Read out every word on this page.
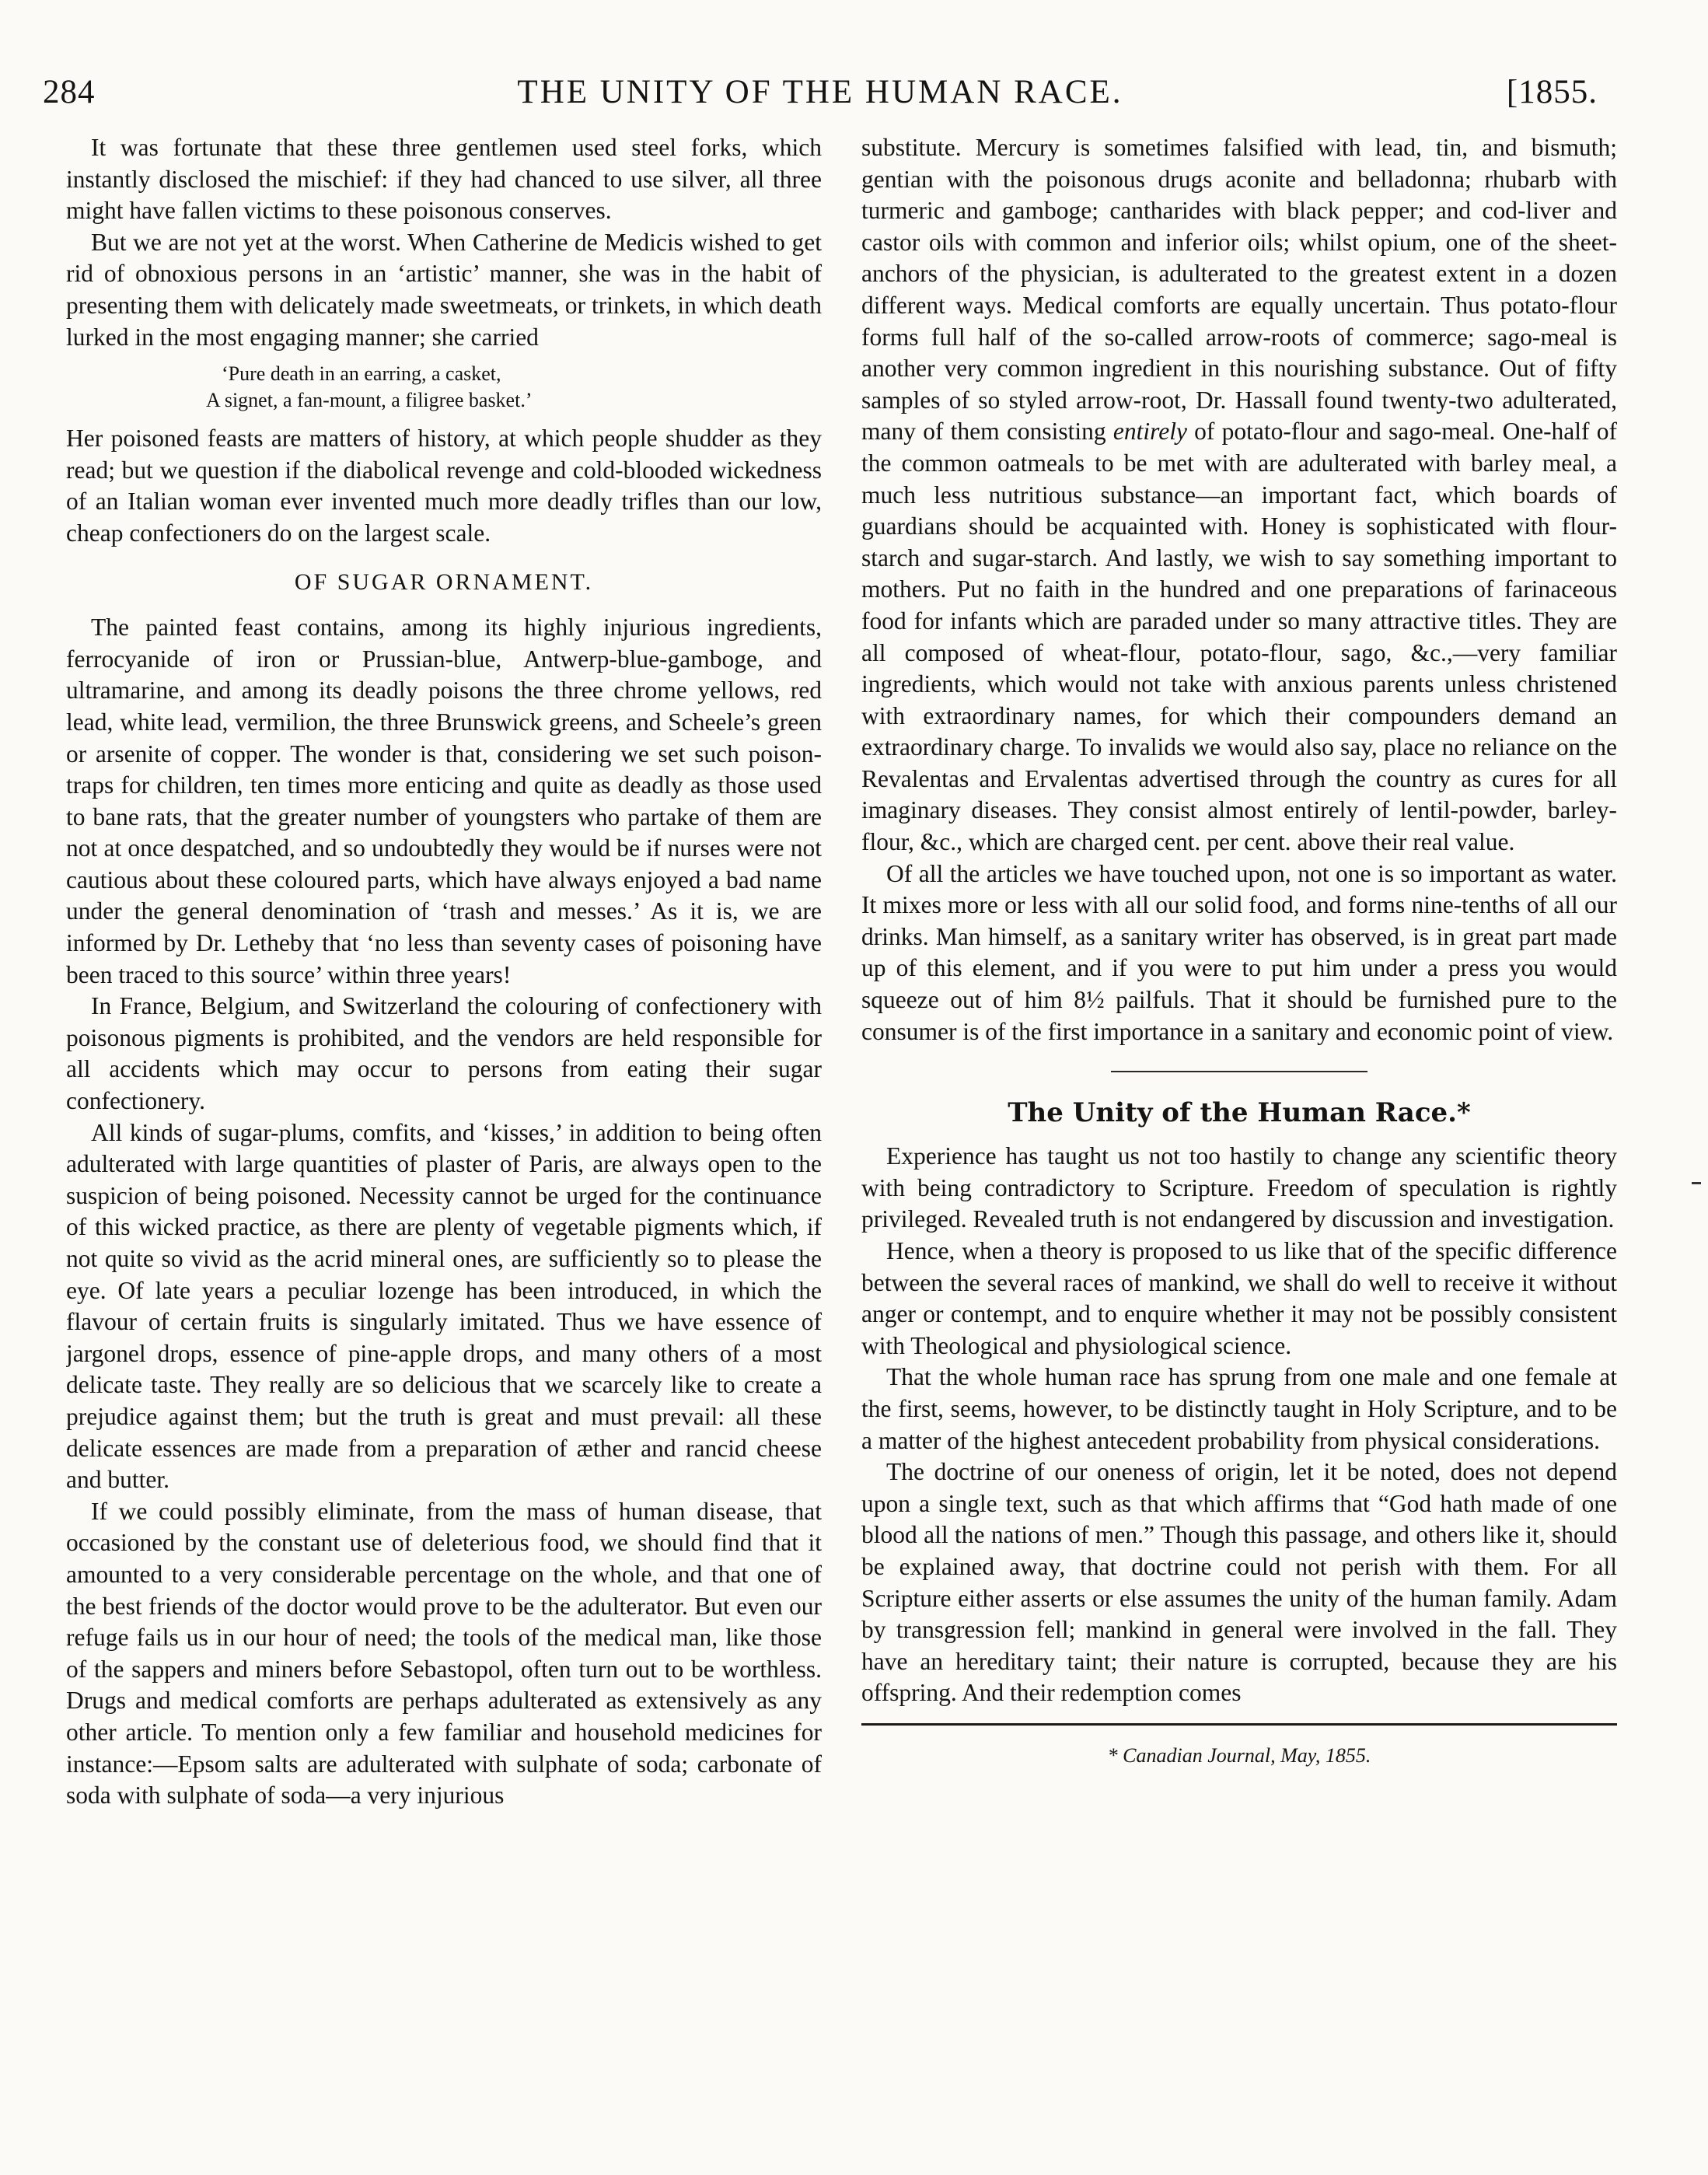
284	THE UNITY OF THE HUMAN RACE.	[1855.

It was fortunate that these three gentlemen used steel forks, which instantly disclosed the mischief: if they had chanced to use silver, all three might have fallen victims to these poisonous conserves.

But we are not yet at the worst. When Catherine de Medicis wished to get rid of obnoxious persons in an ‘artistic’ manner, she was in the habit of presenting them with delicately made sweetmeats, or trinkets, in which death lurked in the most engaging manner; she carried

‘Pure death in an earring, a casket,
A signet, a fan-mount, a filigree basket.’

Her poisoned feasts are matters of history, at which people shudder as they read; but we question if the diabolical revenge and cold-blooded wickedness of an Italian woman ever invented much more deadly trifles than our low, cheap confectioners do on the largest scale.

OF SUGAR ORNAMENT.

The painted feast contains, among its highly injurious ingredients, ferrocyanide of iron or Prussian-blue, Antwerp-blue-gamboge, and ultramarine, and among its deadly poisons the three chrome yellows, red lead, white lead, vermilion, the three Brunswick greens, and Scheele’s green or arsenite of copper. The wonder is that, considering we set such poison-traps for children, ten times more enticing and quite as deadly as those used to bane rats, that the greater number of youngsters who partake of them are not at once despatched, and so undoubtedly they would be if nurses were not cautious about these coloured parts, which have always enjoyed a bad name under the general denomination of ‘trash and messes.’ As it is, we are informed by Dr. Letheby that ‘no less than seventy cases of poisoning have been traced to this source’ within three years!

In France, Belgium, and Switzerland the colouring of confectionery with poisonous pigments is prohibited, and the vendors are held responsible for all accidents which may occur to persons from eating their sugar confectionery.

All kinds of sugar-plums, comfits, and ‘kisses,’ in addition to being often adulterated with large quantities of plaster of Paris, are always open to the suspicion of being poisoned. Necessity cannot be urged for the continuance of this wicked practice, as there are plenty of vegetable pigments which, if not quite so vivid as the acrid mineral ones, are sufficiently so to please the eye. Of late years a peculiar lozenge has been introduced, in which the flavour of certain fruits is singularly imitated. Thus we have essence of jargonel drops, essence of pine-apple drops, and many others of a most delicate taste. They really are so delicious that we scarcely like to create a prejudice against them; but the truth is great and must prevail: all these delicate essences are made from a preparation of æther and rancid cheese and butter.

If we could possibly eliminate, from the mass of human disease, that occasioned by the constant use of deleterious food, we should find that it amounted to a very considerable percentage on the whole, and that one of the best friends of the doctor would prove to be the adulterator. But even our refuge fails us in our hour of need; the tools of the medical man, like those of the sappers and miners before Sebastopol, often turn out to be worthless. Drugs and medical comforts are perhaps adulterated as extensively as any other article. To mention only a few familiar and household medicines for instance:—Epsom salts are adulterated with sulphate of soda; carbonate of soda with sulphate of soda—a very injurious

substitute. Mercury is sometimes falsified with lead, tin, and bismuth; gentian with the poisonous drugs aconite and belladonna; rhubarb with turmeric and gamboge; cantharides with black pepper; and cod-liver and castor oils with common and inferior oils; whilst opium, one of the sheet-anchors of the physician, is adulterated to the greatest extent in a dozen different ways. Medical comforts are equally uncertain. Thus potato-flour forms full half of the so-called arrow-roots of commerce; sago-meal is another very common ingredient in this nourishing substance. Out of fifty samples of so styled arrow-root, Dr. Hassall found twenty-two adulterated, many of them consisting entirely of potato-flour and sago-meal. One-half of the common oatmeals to be met with are adulterated with barley meal, a much less nutritious substance—an important fact, which boards of guardians should be acquainted with. Honey is sophisticated with flour-starch and sugar-starch. And lastly, we wish to say something important to mothers. Put no faith in the hundred and one preparations of farinaceous food for infants which are paraded under so many attractive titles. They are all composed of wheat-flour, potato-flour, sago, &c.,—very familiar ingredients, which would not take with anxious parents unless christened with extraordinary names, for which their compounders demand an extraordinary charge. To invalids we would also say, place no reliance on the Revalentas and Ervalentas advertised through the country as cures for all imaginary diseases. They consist almost entirely of lentil-powder, barley-flour, &c., which are charged cent. per cent. above their real value.

Of all the articles we have touched upon, not one is so important as water. It mixes more or less with all our solid food, and forms nine-tenths of all our drinks. Man himself, as a sanitary writer has observed, is in great part made up of this element, and if you were to put him under a press you would squeeze out of him 8½ pailfuls. That it should be furnished pure to the consumer is of the first importance in a sanitary and economic point of view.

The Unity of the Human Race.*

Experience has taught us not too hastily to change any scientific theory with being contradictory to Scripture. Freedom of speculation is rightly privileged. Revealed truth is not endangered by discussion and investigation.

Hence, when a theory is proposed to us like that of the specific difference between the several races of mankind, we shall do well to receive it without anger or contempt, and to enquire whether it may not be possibly consistent with Theological and physiological science.

That the whole human race has sprung from one male and one female at the first, seems, however, to be distinctly taught in Holy Scripture, and to be a matter of the highest antecedent probability from physical considerations.

The doctrine of our oneness of origin, let it be noted, does not depend upon a single text, such as that which affirms that “God hath made of one blood all the nations of men.” Though this passage, and others like it, should be explained away, that doctrine could not perish with them. For all Scripture either asserts or else assumes the unity of the human family. Adam by transgression fell; mankind in general were involved in the fall. They have an hereditary taint; their nature is corrupted, because they are his offspring. And their redemption comes

* Canadian Journal, May, 1855.
